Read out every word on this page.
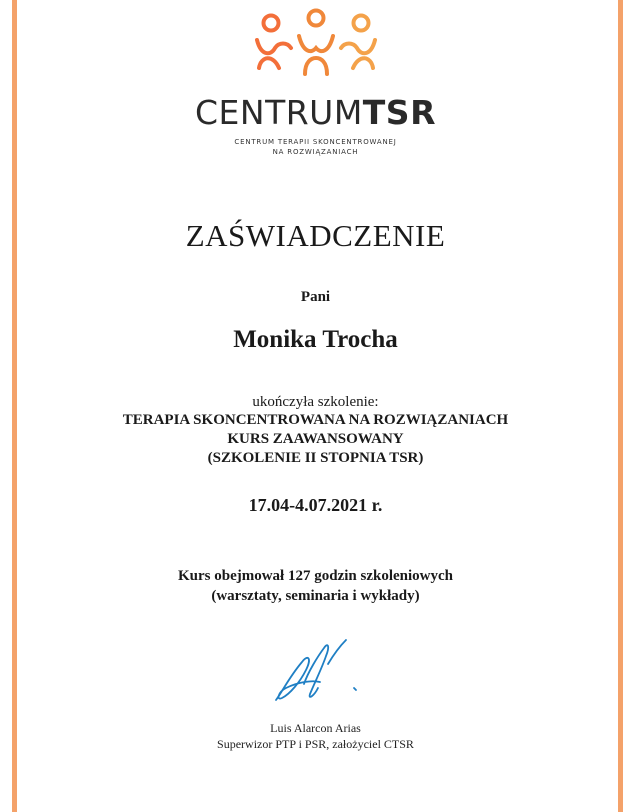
CENTRUMTSR
CENTRUM TERAPII SKONCENTROWANEJ
NA ROZWIĄZANIACH
ZAŚWIADCZENIE
Pani
Monika Trocha
ukończyła szkolenie:
TERAPIA SKONCENTROWANA NA ROZWIĄZANIACH
KURS ZAAWANSOWANY
(SZKOLENIE II STOPNIA TSR)
17.04-4.07.2021 r.
Kurs obejmował 127 godzin szkoleniowych
(warsztaty, seminaria i wykłady)
Luis Alarcon Arias
Superwizor PTP i PSR, założyciel CTSR
